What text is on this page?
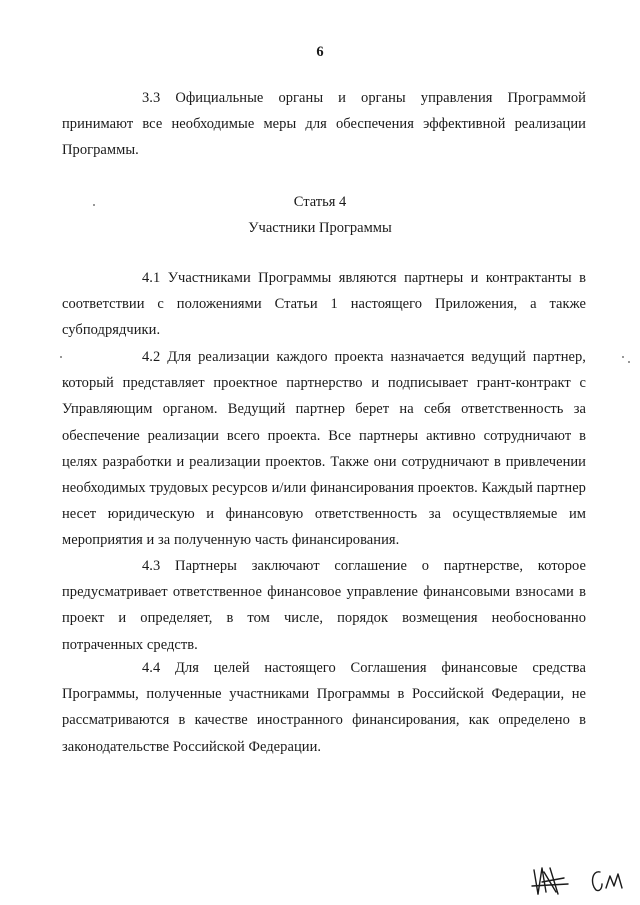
6
3.3 Официальные органы и органы управления Программой принимают все необходимые меры для обеспечения эффективной реализации Программы.
Статья 4
Участники Программы
4.1 Участниками Программы являются партнеры и контрактанты в соответствии с положениями Статьи 1 настоящего Приложения, а также субподрядчики.
4.2 Для реализации каждого проекта назначается ведущий партнер, который представляет проектное партнерство и подписывает грант-контракт с Управляющим органом. Ведущий партнер берет на себя ответственность за обеспечение реализации всего проекта. Все партнеры активно сотрудничают в целях разработки и реализации проектов. Также они сотрудничают в привлечении необходимых трудовых ресурсов и/или финансирования проектов. Каждый партнер несет юридическую и финансовую ответственность за осуществляемые им мероприятия и за полученную часть финансирования.
4.3 Партнеры заключают соглашение о партнерстве, которое предусматривает ответственное финансовое управление финансовыми взносами в проект и определяет, в том числе, порядок возмещения необоснованно потраченных средств.
4.4 Для целей настоящего Соглашения финансовые средства Программы, полученные участниками Программы в Российской Федерации, не рассматриваются в качестве иностранного финансирования, как определено в законодательстве Российской Федерации.
